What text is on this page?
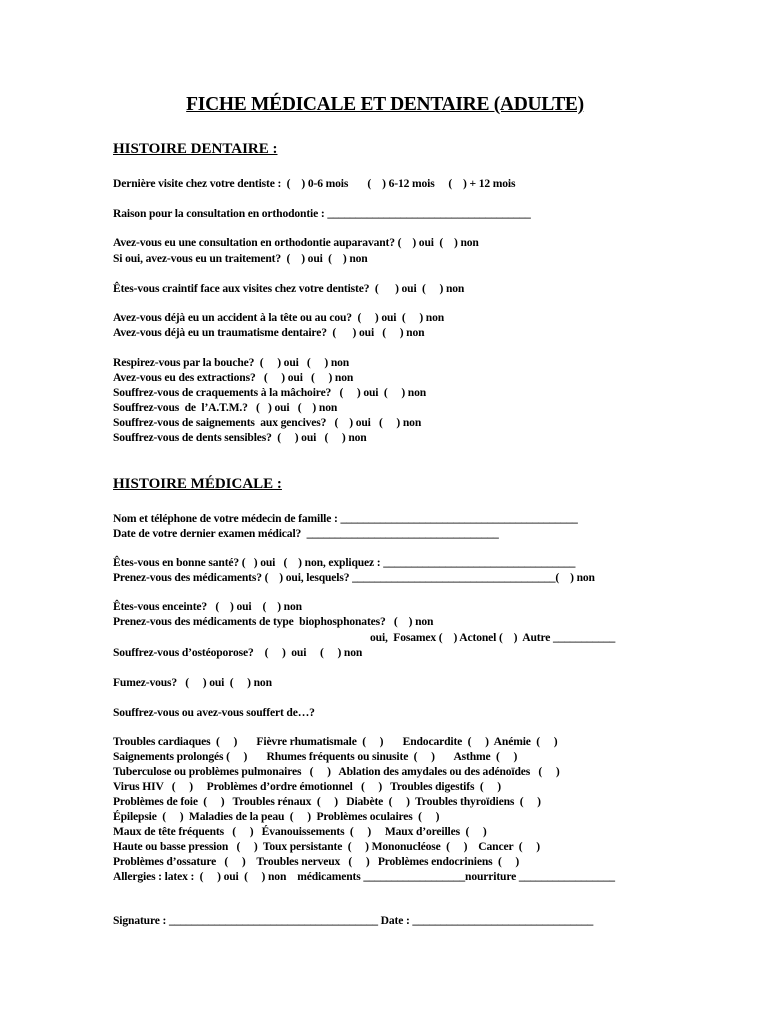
FICHE MÉDICALE ET DENTAIRE (ADULTE)
HISTOIRE DENTAIRE :
Dernière visite chez votre dentiste :  (    ) 0-6 mois       (    ) 6-12 mois     (    ) + 12 mois
Raison pour la consultation en orthodontie : ____________________________________
Avez-vous eu une consultation en orthodontie auparavant? (    ) oui  (    ) non
Si oui, avez-vous eu un traitement?  (    ) oui  (    ) non
Êtes-vous craintif face aux visites chez votre dentiste?  (      ) oui  (     ) non
Avez-vous déjà eu un accident à la tête ou au cou?  (     ) oui  (     ) non
Avez-vous déjà eu un traumatisme dentaire?  (      ) oui   (     ) non
Respirez-vous par la bouche?  (     ) oui   (     ) non
Avez-vous eu des extractions?   (     ) oui   (     ) non
Souffrez-vous de craquements à la mâchoire?   (     ) oui  (     ) non
Souffrez-vous  de  l’A.T.M.?   (   ) oui   (    ) non
Souffrez-vous de saignements  aux gencives?   (    ) oui   (     ) non
Souffrez-vous de dents sensibles?  (     ) oui   (     ) non
HISTOIRE MÉDICALE :
Nom et téléphone de votre médecin de famille : __________________________________________
Date de votre dernier examen médical?  __________________________________
Êtes-vous en bonne santé? (   ) oui   (    ) non, expliquez : __________________________________
Prenez-vous des médicaments? (    ) oui, lesquels? ____________________________________(    ) non
Êtes-vous enceinte?   (    ) oui    (    ) non
Prenez-vous des médicaments de type  biophosphonates?   (    ) non
oui,  Fosamex (    ) Actonel (    )  Autre ___________
Souffrez-vous d’ostéoporose?    (     )  oui     (     ) non
Fumez-vous?   (     ) oui  (     ) non
Souffrez-vous ou avez-vous souffert de…?
Troubles cardiaques  (     )       Fièvre rhumatismale  (     )       Endocardite  (     )  Anémie  (     )
Saignements prolongés (     )       Rhumes fréquents ou sinusite  (     )       Asthme  (     )
Tuberculose ou problèmes pulmonaires   (     )   Ablation des amydales ou des adénoïdes   (     )
Virus HIV   (     )     Problèmes d’ordre émotionnel   (     )   Troubles digestifs  (     )
Problèmes de foie  (     )   Troubles rénaux  (     )   Diabète  (     )  Troubles thyroïdiens  (     )
Épilepsie  (     )  Maladies de la peau  (     )  Problèmes oculaires  (     )
Maux de tête fréquents   (     )   Évanouissements  (     )     Maux d’oreilles  (     )
Haute ou basse pression   (     )  Toux persistante  (     ) Mononucléose  (     )    Cancer  (     )
Problèmes d’ossature   (     )    Troubles nerveux   (     )   Problèmes endocriniens  (     )
Allergies : latex :  (     ) oui  (     ) non    médicaments __________________nourriture _________________
Signature : _____________________________________ Date : ________________________________
